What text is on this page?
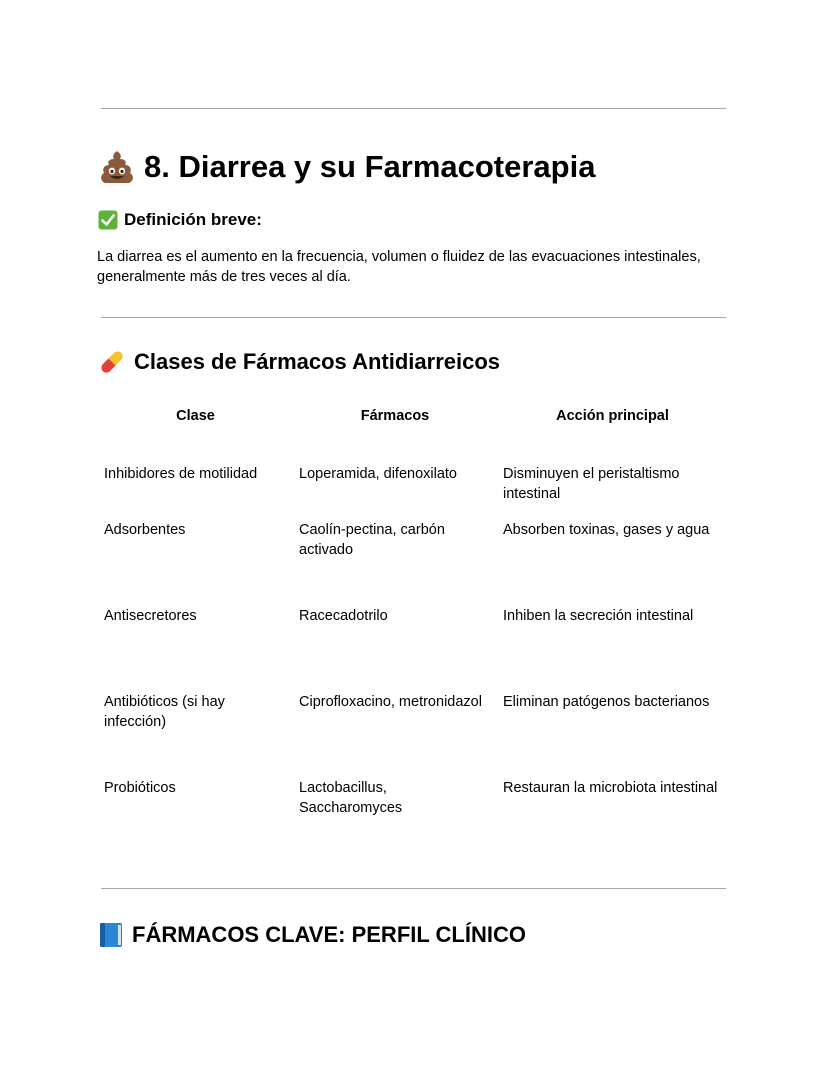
8. Diarrea y su Farmacoterapia
Definición breve:
La diarrea es el aumento en la frecuencia, volumen o fluidez de las evacuaciones intestinales, generalmente más de tres veces al día.
Clases de Fármacos Antidiarreicos
Clase	Fármacos	Acción principal
Inhibidores de motilidad	Loperamida, difenoxilato	Disminuyen el peristaltismo intestinal
Adsorbentes	Caolín-pectina, carbón activado	Absorben toxinas, gases y agua
Antisecretores	Racecadotrilo	Inhiben la secreción intestinal
Antibióticos (si hay infección)	Ciprofloxacino, metronidazol	Eliminan patógenos bacterianos
Probióticos	Lactobacillus, Saccharomyces	Restauran la microbiota intestinal
FÁRMACOS CLAVE: PERFIL CLÍNICO
